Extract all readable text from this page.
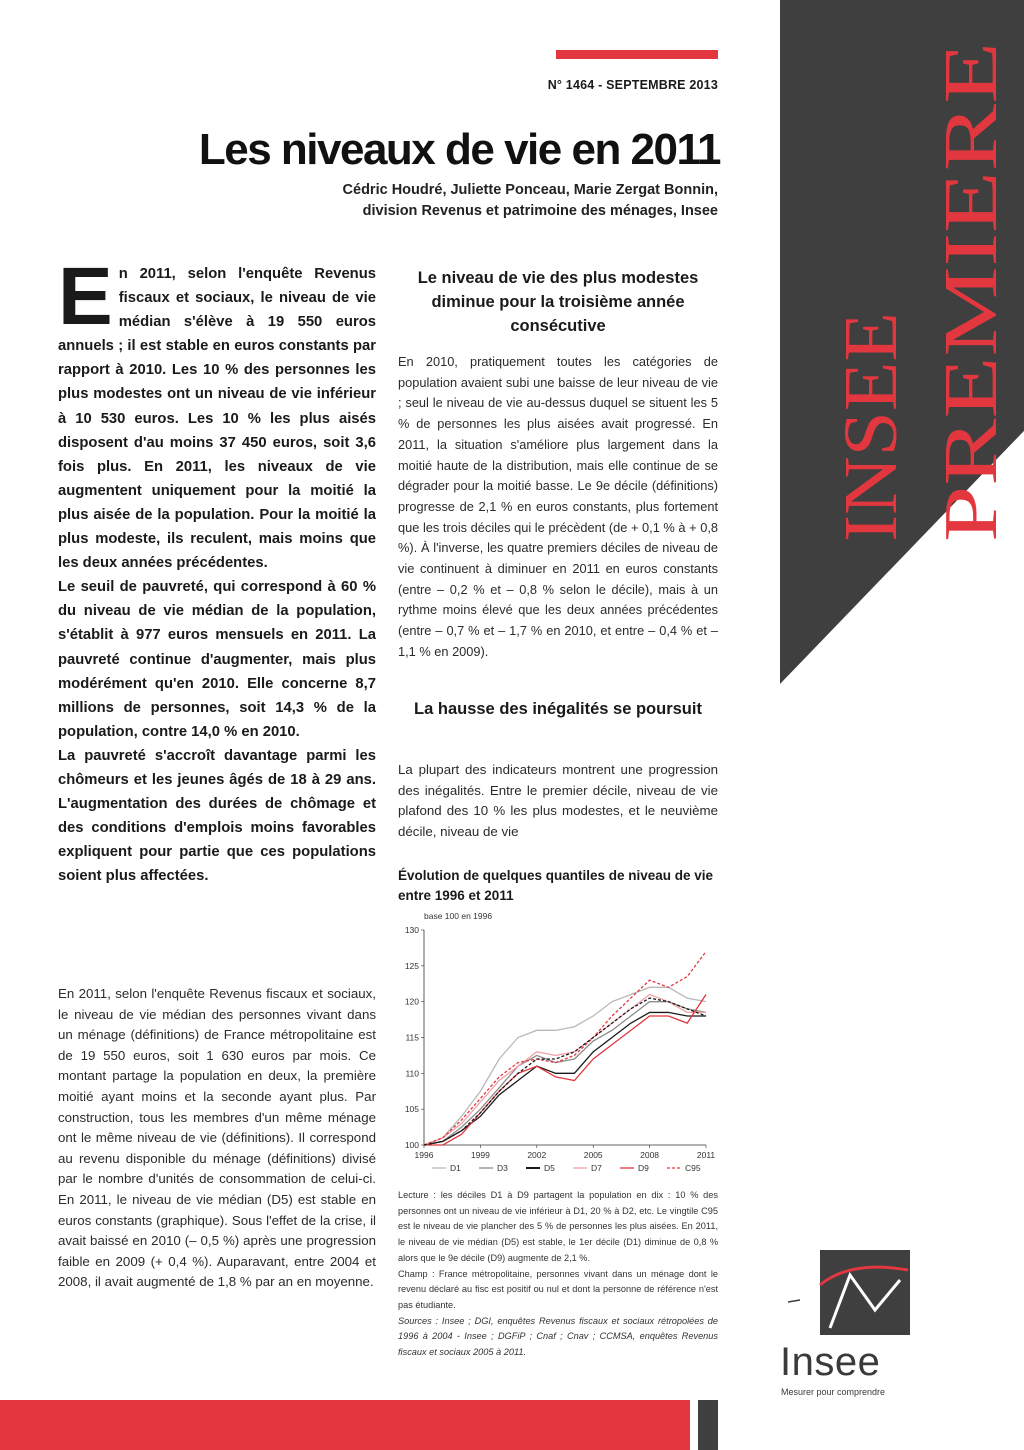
INSEE PREMIERE
N° 1464 - SEPTEMBRE 2013
Les niveaux de vie en 2011
Cédric Houdré, Juliette Ponceau, Marie Zergat Bonnin,
division Revenus et patrimoine des ménages, Insee
E n 2011, selon l'enquête Revenus fiscaux et sociaux, le niveau de vie médian s'élève à 19 550 euros annuels ; il est stable en euros constants par rapport à 2010. Les 10 % des personnes les plus modestes ont un niveau de vie inférieur à 10 530 euros. Les 10 % les plus aisés disposent d'au moins 37 450 euros, soit 3,6 fois plus. En 2011, les niveaux de vie augmentent uniquement pour la moitié la plus aisée de la population. Pour la moitié la plus modeste, ils reculent, mais moins que les deux années précédentes.

Le seuil de pauvreté, qui correspond à 60 % du niveau de vie médian de la population, s'établit à 977 euros mensuels en 2011. La pauvreté continue d'augmenter, mais plus modérément qu'en 2010. Elle concerne 8,7 millions de personnes, soit 14,3 % de la population, contre 14,0 % en 2010.

La pauvreté s'accroît davantage parmi les chômeurs et les jeunes âgés de 18 à 29 ans. L'augmentation des durées de chômage et des conditions d'emplois moins favorables expliquent pour partie que ces populations soient plus affectées.

En 2011, selon l'enquête Revenus fiscaux et sociaux, le niveau de vie médian des personnes vivant dans un ménage (définitions) de France métropolitaine est de 19 550 euros, soit 1 630 euros par mois. Ce montant partage la population en deux, la première moitié ayant moins et la seconde ayant plus. Par construction, tous les membres d'un même ménage ont le même niveau de vie (définitions). Il correspond au revenu disponible du ménage (définitions) divisé par le nombre d'unités de consommation de celui-ci. En 2011, le niveau de vie médian (D5) est stable en euros constants (graphique). Sous l'effet de la crise, il avait baissé en 2010 (– 0,5 %) après une progression faible en 2009 (+ 0,4 %). Auparavant, entre 2004 et 2008, il avait augmenté de 1,8 % par an en moyenne.

Le niveau de vie des plus modestes diminue pour la troisième année consécutive

En 2010, pratiquement toutes les catégories de population avaient subi une baisse de leur niveau de vie ; seul le niveau de vie au-dessus duquel se situent les 5 % de personnes les plus aisées avait progressé. En 2011, la situation s'améliore plus largement dans la moitié haute de la distribution, mais elle continue de se dégrader pour la moitié basse. Le 9e décile (définitions) progresse de 2,1 % en euros constants, plus fortement que les trois déciles qui le précèdent (de + 0,1 % à + 0,8 %). À l'inverse, les quatre premiers déciles de niveau de vie continuent à diminuer en 2011 en euros constants (entre – 0,2 % et – 0,8 % selon le décile), mais à un rythme moins élevé que les deux années précédentes (entre – 0,7 % et – 1,7 % en 2010, et entre – 0,4 % et – 1,1 % en 2009).

La hausse des inégalités se poursuit

La plupart des indicateurs montrent une progression des inégalités. Entre le premier décile, niveau de vie plafond des 10 % les plus modestes, et le neuvième décile, niveau de vie

Évolution de quelques quantiles de niveau de vie entre 1996 et 2011
base 100 en 1996
100
105
110
115
120
125
130
1996	1999	2002	2005	2008	2011
D1	D3	D5	D7	D9	C95

Lecture : les déciles D1 à D9 partagent la population en dix : 10 % des personnes ont un niveau de vie inférieur à D1, 20 % à D2, etc. Le vingtile C95 est le niveau de vie plancher des 5 % de personnes les plus aisées. En 2011, le niveau de vie médian (D5) est stable, le 1er décile (D1) diminue de 0,8 % alors que le 9e décile (D9) augmente de 2,1 %.

Champ : France métropolitaine, personnes vivant dans un ménage dont le revenu déclaré au fisc est positif ou nul et dont la personne de référence n'est pas étudiante.

Sources : Insee ; DGI, enquêtes Revenus fiscaux et sociaux rétropolées de 1996 à 2004 - Insee ; DGFiP ; Cnaf ; Cnav ; CCMSA, enquêtes Revenus fiscaux et sociaux 2005 à 2011.	Insee
Mesurer pour comprendre
